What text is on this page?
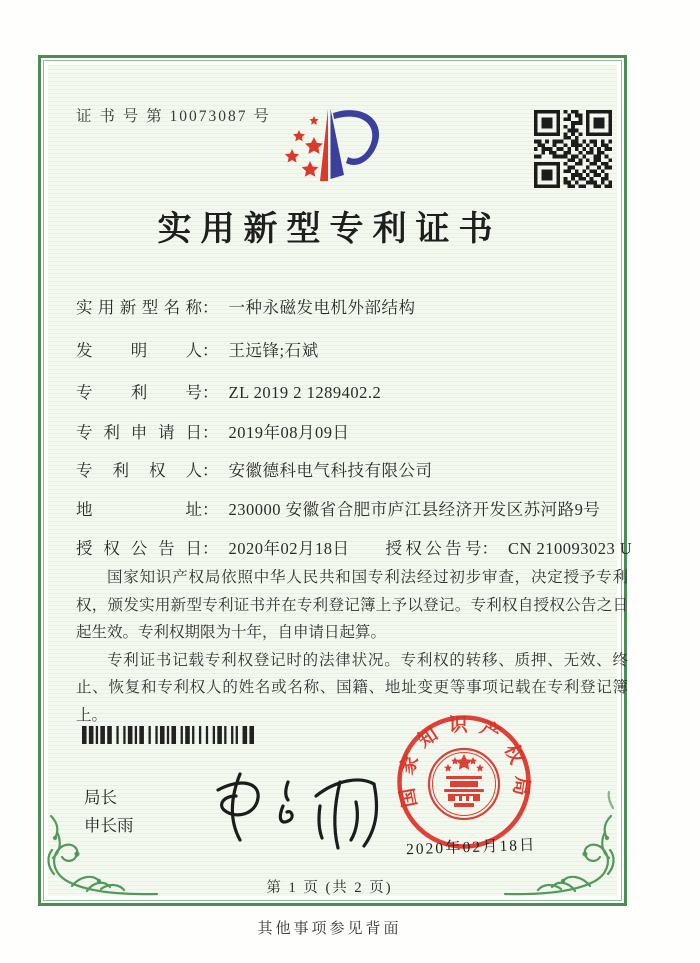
证 书 号 第 10073087 号
实用新型专利证书
实用新型名称 ： 一种永磁发电机外部结构
发明人 ： 王远锋;石斌
专利号 ： ZL 2019 2 1289402.2
专利申请日 ： 2019年08月09日
专利权人 ： 安徽德科电气科技有限公司
地址 ： 230000 安徽省合肥市庐江县经济开发区苏河路9号
授权公告日 ： 2020年02月18日 授权公告号 ： CN 210093023 U

国家知识产权局依照中华人民共和国专利法经过初步审查，决定授予专利权，颁发实用新型专利证书并在专利登记簿上予以登记。专利权自授权公告之日起生效。专利权期限为十年，自申请日起算。

专利证书记载专利权登记时的法律状况。专利权的转移、质押、无效、终止、恢复和专利权人的姓名或名称、国籍、地址变更等事项记载在专利登记簿上。

国家知识产权局
2020年02月18日
局长
申长雨
第 1 页 (共 2 页)
其他事项参见背面
